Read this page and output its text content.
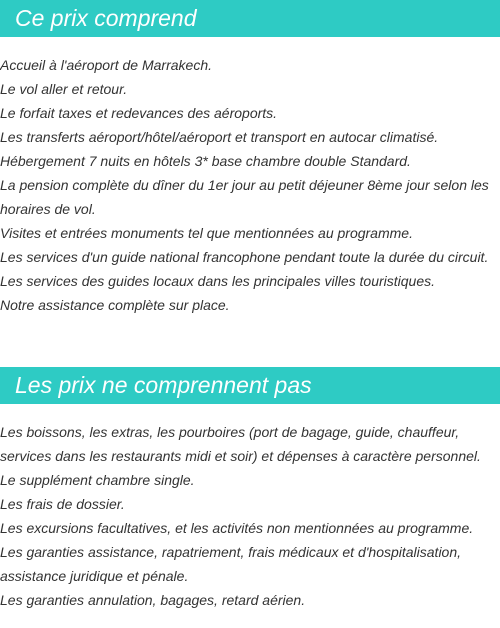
Ce prix comprend
Accueil à l'aéroport de Marrakech.
Le vol aller et retour.
Le forfait taxes et redevances des aéroports.
Les transferts aéroport/hôtel/aéroport et transport en autocar climatisé.
Hébergement 7 nuits en hôtels 3* base chambre double Standard.
La pension complète du dîner du 1er jour au petit déjeuner 8ème jour selon les horaires de vol.
Visites et entrées monuments tel que mentionnées au programme.
Les services d'un guide national francophone pendant toute la durée du circuit.
Les services des guides locaux dans les principales villes touristiques.
Notre assistance complète sur place.
Les prix ne comprennent pas
Les boissons, les extras, les pourboires (port de bagage, guide, chauffeur, services dans les restaurants midi et soir) et dépenses à caractère personnel.
Le supplément chambre single.
Les frais de dossier.
Les excursions facultatives, et les activités non mentionnées au programme.
Les garanties assistance, rapatriement, frais médicaux et d'hospitalisation, assistance juridique et pénale.
Les garanties annulation, bagages, retard aérien.
